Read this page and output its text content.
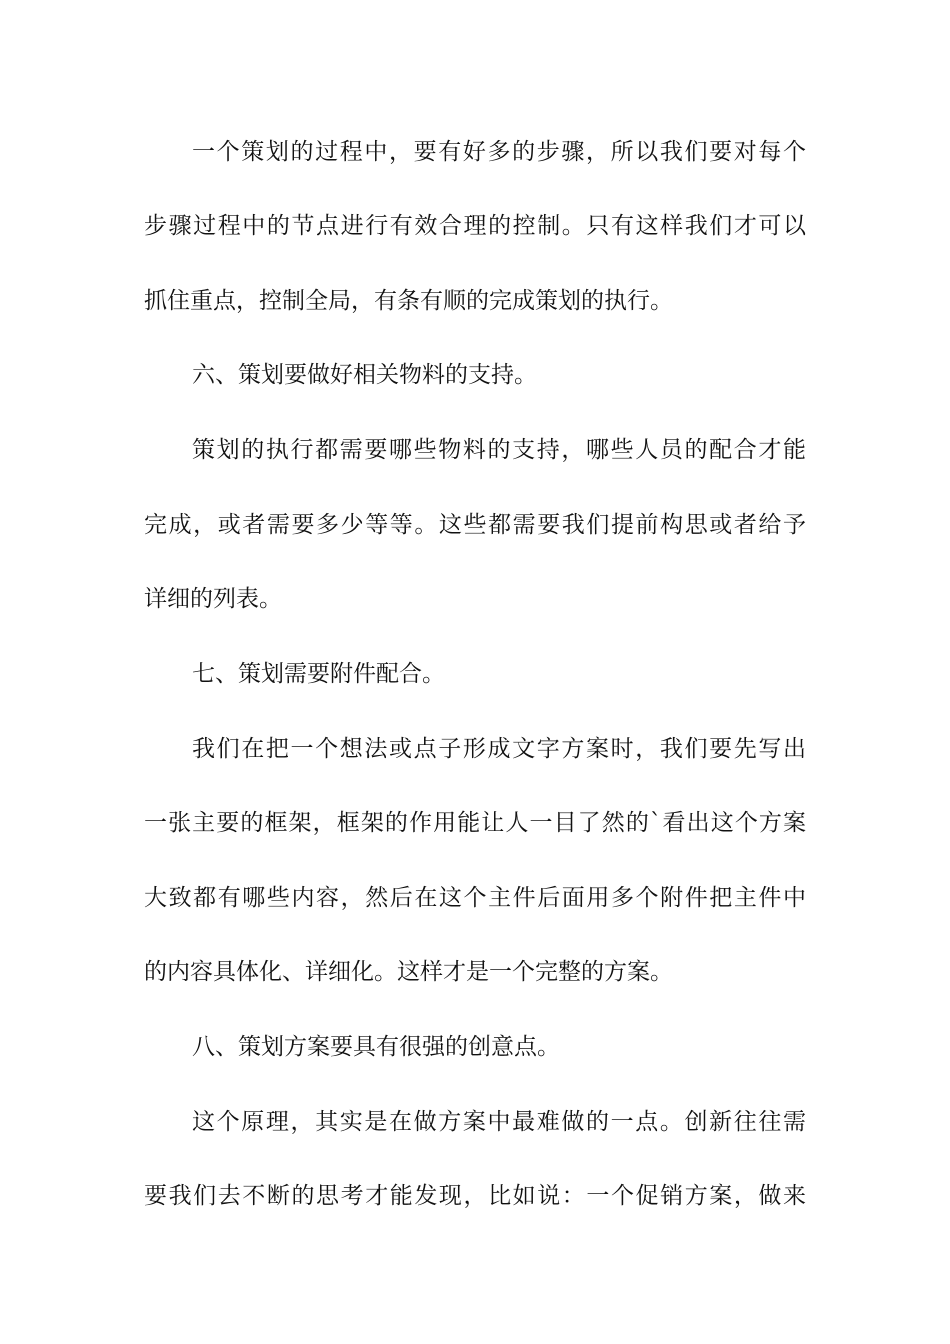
一个策划的过程中，要有好多的步骤，所以我们要对每个
步骤过程中的节点进行有效合理的控制。只有这样我们才可以
抓住重点，控制全局，有条有顺的完成策划的执行。
六、策划要做好相关物料的支持。
策划的执行都需要哪些物料的支持，哪些人员的配合才能
完成，或者需要多少等等。这些都需要我们提前构思或者给予
详细的列表。
七、策划需要附件配合。
我们在把一个想法或点子形成文字方案时，我们要先写出
一张主要的框架，框架的作用能让人一目了然的`看出这个方案
大致都有哪些内容，然后在这个主件后面用多个附件把主件中
的内容具体化、详细化。这样才是一个完整的方案。
八、策划方案要具有很强的创意点。
这个原理，其实是在做方案中最难做的一点。创新往往需
要我们去不断的思考才能发现，比如说：一个促销方案，做来
